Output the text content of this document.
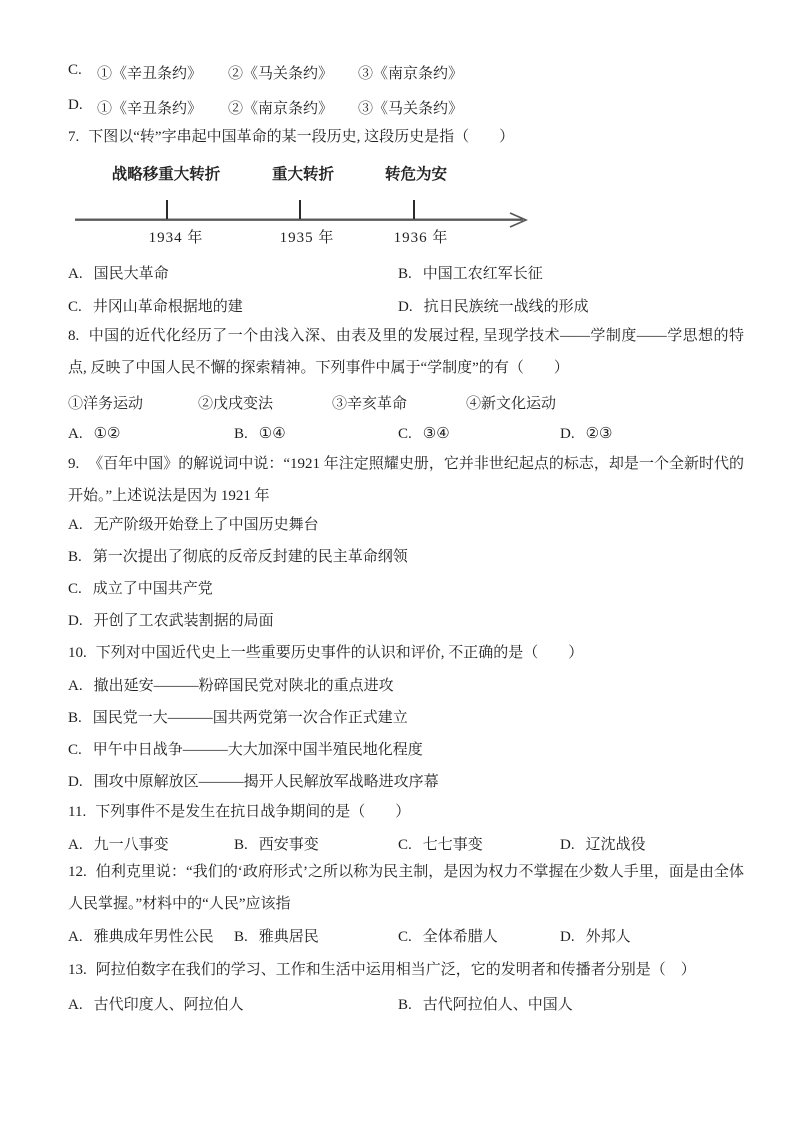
C. ①《辛丑条约》 ②《马关条约》 ③《南京条约》
D. ①《辛丑条约》 ②《南京条约》 ③《马关条约》
7. 下图以“转”字串起中国革命的某一段历史, 这段历史是指（　　）
战略移重大转折	重大转折	转危为安
1934 年	1935 年	1936 年
A. 国民大革命	B. 中国工农红军长征
C. 井冈山革命根据地的建	D. 抗日民族统一战线的形成

8. 中国的近代化经历了一个由浅入深、由表及里的发展过程, 呈现学技术——学制度——学思想的特点, 反映了中国人民不懈的探索精神。下列事件中属于“学制度”的有（　　）

①洋务运动	②戊戌变法	③辛亥革命	④新文化运动
A. ①②	B. ①④	C. ③④	D. ②③

9. 《百年中国》的解说词中说：“1921 年注定照耀史册，它并非世纪起点的标志，却是一个全新时代的开始。”上述说法是因为 1921 年

A. 无产阶级开始登上了中国历史舞台
B. 第一次提出了彻底的反帝反封建的民主革命纲领
C. 成立了中国共产党
D. 开创了工农武装割据的局面
10. 下列对中国近代史上一些重要历史事件的认识和评价, 不正确的是（　　）
A. 撤出延安———粉碎国民党对陕北的重点进攻
B. 国民党一大———国共两党第一次合作正式建立
C. 甲午中日战争———大大加深中国半殖民地化程度
D. 围攻中原解放区———揭开人民解放军战略进攻序幕
11. 下列事件不是发生在抗日战争期间的是（　　）
A. 九一八事变	B. 西安事变	C. 七七事变	D. 辽沈战役

12. 伯利克里说：“我们的‘政府形式’之所以称为民主制，是因为权力不掌握在少数人手里，面是由全体人民掌握。”材料中的“人民”应该指

A. 雅典成年男性公民 B. 雅典居民	C. 全体希腊人	D. 外邦人
13. 阿拉伯数字在我们的学习、工作和生活中运用相当广泛，它的发明者和传播者分别是（　）
A. 古代印度人、阿拉伯人	B. 古代阿拉伯人、中国人
